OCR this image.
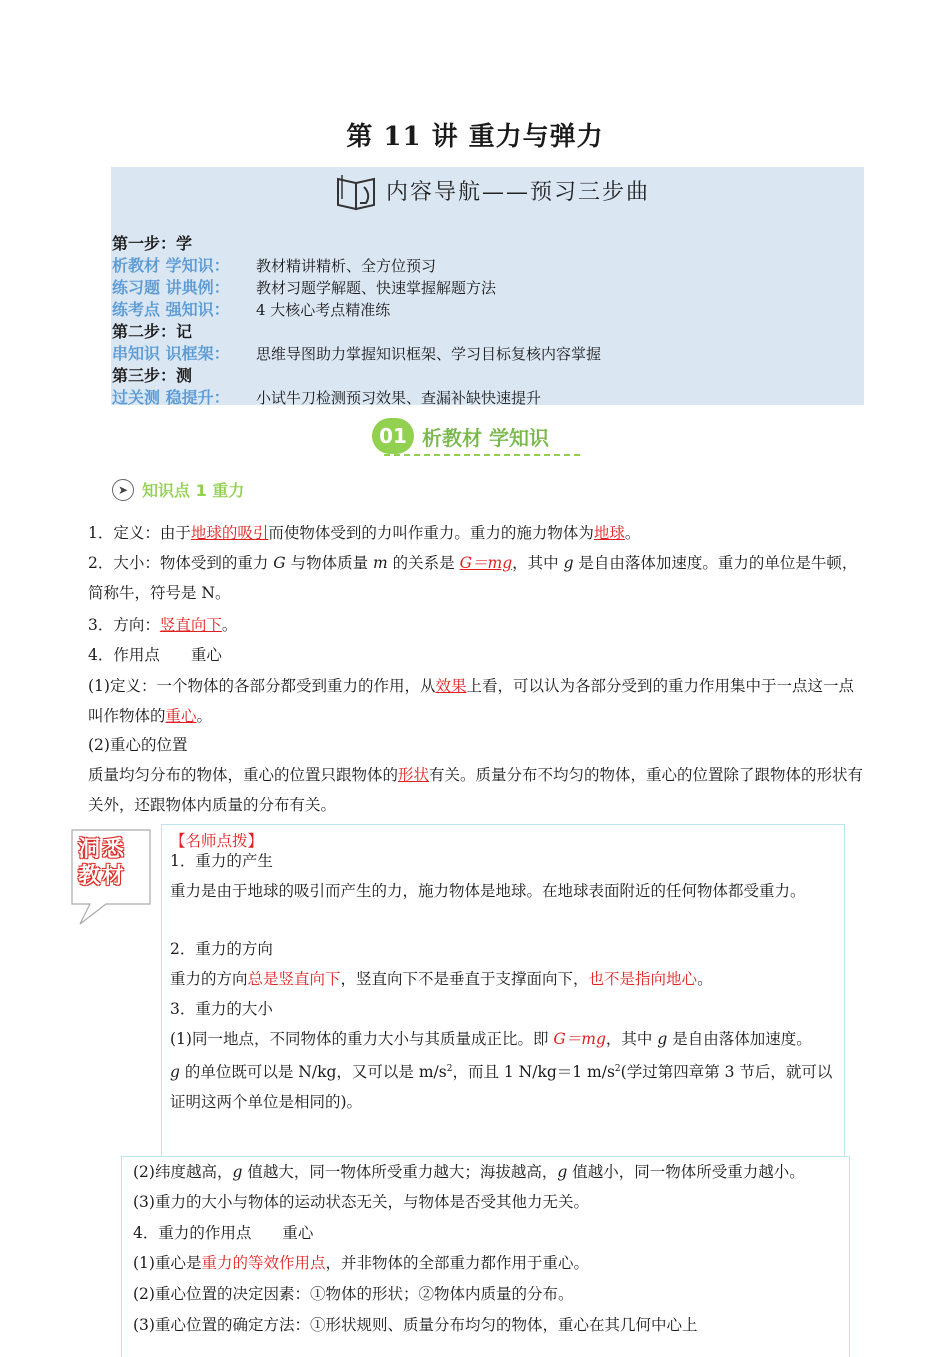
第 11 讲 重力与弹力
内容导航——预习三步曲
第一步：学
析教材 学知识： 教材精讲精析、全方位预习
练习题 讲典例： 教材习题学解题、快速掌握解题方法
练考点 强知识： 4 大核心考点精准练
第二步：记
串知识 识框架： 思维导图助力掌握知识框架、学习目标复核内容掌握
第三步：测
过关测 稳提升： 小试牛刀检测预习效果、查漏补缺快速提升
01 析教材 学知识
➤ 知识点 1 重力
1．定义：由于地球的吸引而使物体受到的力叫作重力。重力的施力物体为地球。
2．大小：物体受到的重力 G 与物体质量 m 的关系是 G＝mg，其中 g 是自由落体加速度。重力的单位是牛顿，简称牛，符号是 N。
3．方向：竖直向下。
4．作用点　　重心
(1)定义：一个物体的各部分都受到重力的作用，从效果上看，可以认为各部分受到的重力作用集中于一点这一点叫作物体的重心。
(2)重心的位置
质量均匀分布的物体，重心的位置只跟物体的形状有关。质量分布不均匀的物体，重心的位置除了跟物体的形状有关外，还跟物体内质量的分布有关。
洞悉教材
【名师点拨】
1．重力的产生
重力是由于地球的吸引而产生的力，施力物体是地球。在地球表面附近的任何物体都受重力。
2．重力的方向
重力的方向总是竖直向下，竖直向下不是垂直于支撑面向下，也不是指向地心。
3．重力的大小
(1)同一地点，不同物体的重力大小与其质量成正比。即 G＝mg，其中 g 是自由落体加速度。
g 的单位既可以是 N/kg，又可以是 $m/s^2$，而且 1 N/kg＝1 $m/s^2$(学过第四章第 3 节后，就可以证明这两个单位是相同的)。
(2)纬度越高，g 值越大，同一物体所受重力越大；海拔越高，g 值越小，同一物体所受重力越小。
(3)重力的大小与物体的运动状态无关，与物体是否受其他力无关。
4．重力的作用点　　重心
(1)重心是重力的等效作用点，并非物体的全部重力都作用于重心。
(2)重心位置的决定因素：①物体的形状；②物体内质量的分布。
(3)重心位置的确定方法：①形状规则、质量分布均匀的物体，重心在其几何中心上
